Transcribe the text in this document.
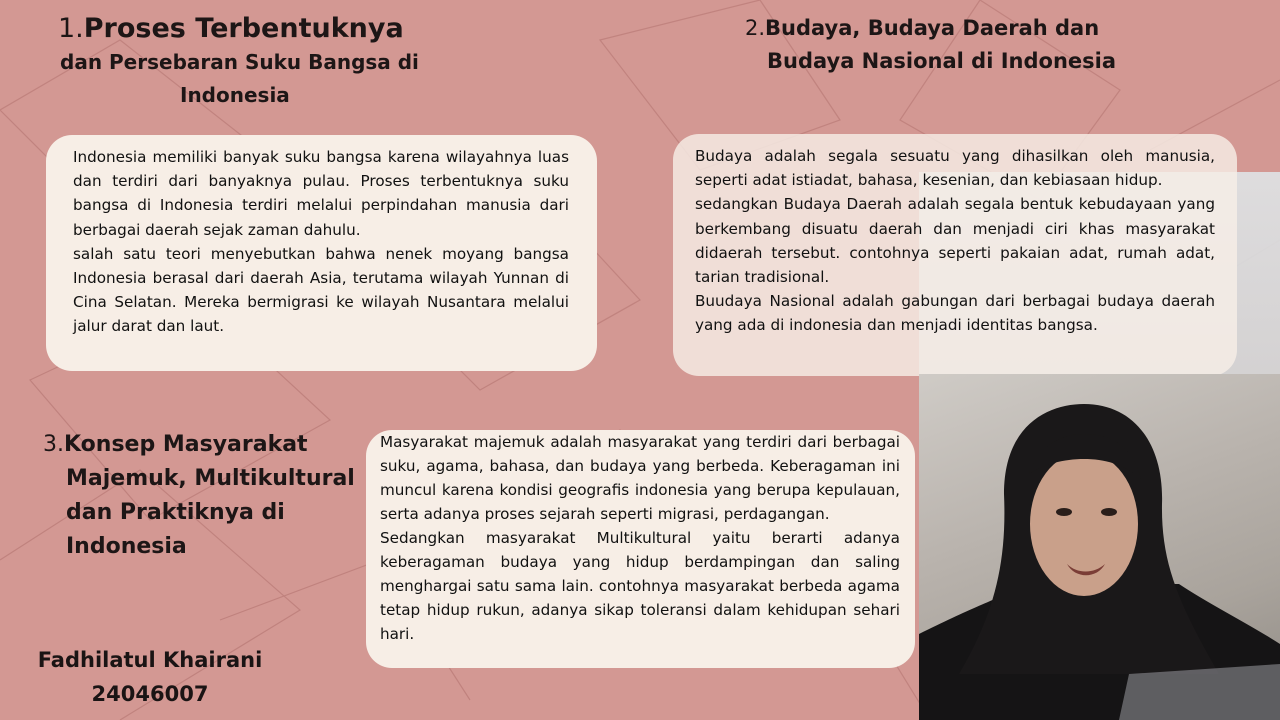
1.Proses Terbentuknya
dan Persebaran Suku Bangsa di
Indonesia

Indonesia memiliki banyak suku bangsa karena wilayahnya luas dan terdiri dari banyaknya pulau. Proses terbentuknya suku bangsa di Indonesia terdiri melalui perpindahan manusia dari berbagai daerah sejak zaman dahulu.

salah satu teori menyebutkan bahwa nenek moyang bangsa Indonesia berasal dari daerah Asia, terutama wilayah Yunnan di Cina Selatan. Mereka bermigrasi ke wilayah Nusantara melalui jalur darat dan laut.

2.Budaya, Budaya Daerah dan
Budaya Nasional di Indonesia

Budaya adalah segala sesuatu yang dihasilkan oleh manusia, seperti adat istiadat, bahasa, kesenian, dan kebiasaan hidup.

sedangkan Budaya Daerah adalah segala bentuk kebudayaan yang berkembang disuatu daerah dan menjadi ciri khas masyarakat didaerah tersebut. contohnya seperti pakaian adat, rumah adat, tarian tradisional.

Buudaya Nasional adalah gabungan dari berbagai budaya daerah yang ada di indonesia dan menjadi identitas bangsa.

3.Konsep Masyarakat
Majemuk, Multikultural
dan Praktiknya di
Indonesia

Masyarakat majemuk adalah masyarakat yang terdiri dari berbagai suku, agama, bahasa, dan budaya yang berbeda. Keberagaman ini muncul karena kondisi geografis indonesia yang berupa kepulauan, serta adanya proses sejarah seperti migrasi, perdagangan.

Sedangkan masyarakat Multikultural yaitu berarti adanya keberagaman budaya yang hidup berdampingan dan saling menghargai satu sama lain. contohnya masyarakat berbeda agama tetap hidup rukun, adanya sikap toleransi dalam kehidupan sehari hari.

Fadhilatul Khairani
24046007
